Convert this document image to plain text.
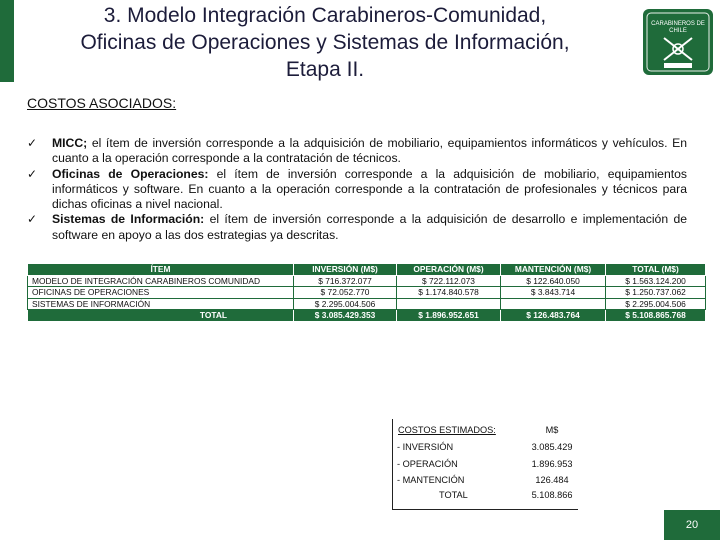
3. Modelo Integración Carabineros-Comunidad,
Oficinas de Operaciones y Sistemas de Información,
Etapa II.
CARABINEROS DE
CHILE
COSTOS ASOCIADOS:
✓ MICC; el ítem de inversión corresponde a la adquisición de mobiliario, equipamientos informáticos y vehículos. En cuanto a la operación corresponde a la contratación de técnicos.
✓ Oficinas de Operaciones: el ítem de inversión corresponde a la adquisición de mobiliario, equipamientos informáticos y software. En cuanto a la operación corresponde a la contratación de profesionales y técnicos para dichas oficinas a nivel nacional.
✓ Sistemas de Información: el ítem de inversión corresponde a la adquisición de desarrollo e implementación de software en apoyo a las dos estrategias ya descritas.
ÍTEM	INVERSIÓN (M$)	OPERACIÓN (M$)	MANTENCIÓN (M$)	TOTAL (M$)
MODELO DE INTEGRACIÓN CARABINEROS COMUNIDAD	$ 716.372.077	$ 722.112.073	$ 122.640.050	$ 1.563.124.200
OFICINAS DE OPERACIONES	$ 72.052.770	$ 1.174.840.578	$ 3.843.714	$ 1.250.737.062
SISTEMAS DE INFORMACIÓN	$ 2.295.004.506			$ 2.295.004.506
TOTAL	$ 3.085.429.353	$ 1.896.952.651	$ 126.483.764	$ 5.108.865.768
COSTOS ESTIMADOS:	M$
- INVERSIÓN	3.085.429
- OPERACIÓN	1.896.953
- MANTENCIÓN	126.484
TOTAL	5.108.866
20
